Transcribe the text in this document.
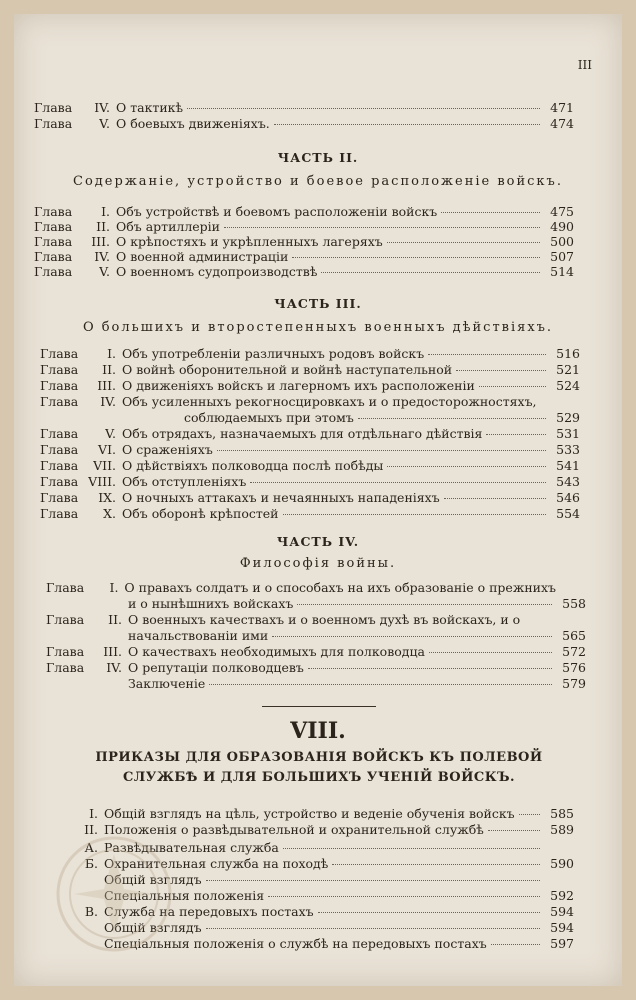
III
Глава	IV. О тактикѣ	471
Глава	V. О боевыхъ движеніяхъ.	474
ЧАСТЬ II.
Содержаніе, устройство и боевое расположеніе войскъ.
Глава	I. Объ устройствѣ и боевомъ расположеніи войскъ	475
Глава	II. Объ артиллеріи	490
Глава	III. О крѣпостяхъ и укрѣпленныхъ лагеряхъ	500
Глава	IV. О военной администраціи	507
Глава	V. О военномъ судопроизводствѣ	514
ЧАСТЬ III.
О большихъ и второстепенныхъ военныхъ дѣйствіяхъ.
Глава	I. Объ употребленіи различныхъ родовъ войскъ	516
Глава	II. О войнѣ оборонительной и войнѣ наступательной	521
Глава	III. О движеніяхъ войскъ и лагерномъ ихъ расположеніи	524
Глава	IV. Объ усиленныхъ рекогносцировкахъ и о предосторожностяхъ,
соблюдаемыхъ при этомъ	529
Глава	V. Объ отрядахъ, назначаемыхъ для отдѣльнаго дѣйствія	531
Глава	VI. О сраженіяхъ	533
Глава	VII. О дѣйствіяхъ полководца послѣ побѣды	541
Глава VIII. Объ отступленіяхъ	543
Глава	IX. О ночныхъ аттакахъ и нечаянныхъ нападеніяхъ	546
Глава	X. Объ оборонѣ крѣпостей	554
ЧАСТЬ IV.
Философія войны.
Глава	I. О правахъ солдатъ и о способахъ на ихъ образованіе о прежнихъ
и о нынѣшнихъ войскахъ	558
Глава	II. О военныхъ качествахъ и о военномъ духѣ въ войскахъ, и о
начальствованіи ими	565
Глава	III. О качествахъ необходимыхъ для полководца	572
Глава	IV. О репутаціи полководцевъ	576
Заключеніе	579
VIII.
ПРИКАЗЫ ДЛЯ ОБРАЗОВАНІЯ ВОЙСКЪ КЪ ПОЛЕВОЙ СЛУЖБѢ И ДЛЯ БОЛЬШИХЪ УЧЕНІЙ ВОЙСКЪ.
I. Общій взглядъ на цѣль, устройство и веденіе обученія войскъ	585
II. Положенія о развѣдывательной и охранительной службѣ	589
А. Развѣдывательная служба
Б. Охранительная служба на походѣ	590
Общій взглядъ
Спеціальныя положенія	592
В. Служба на передовыхъ постахъ	594
Общій взглядъ	594
Спеціальныя положенія о службѣ на передовыхъ постахъ	597
